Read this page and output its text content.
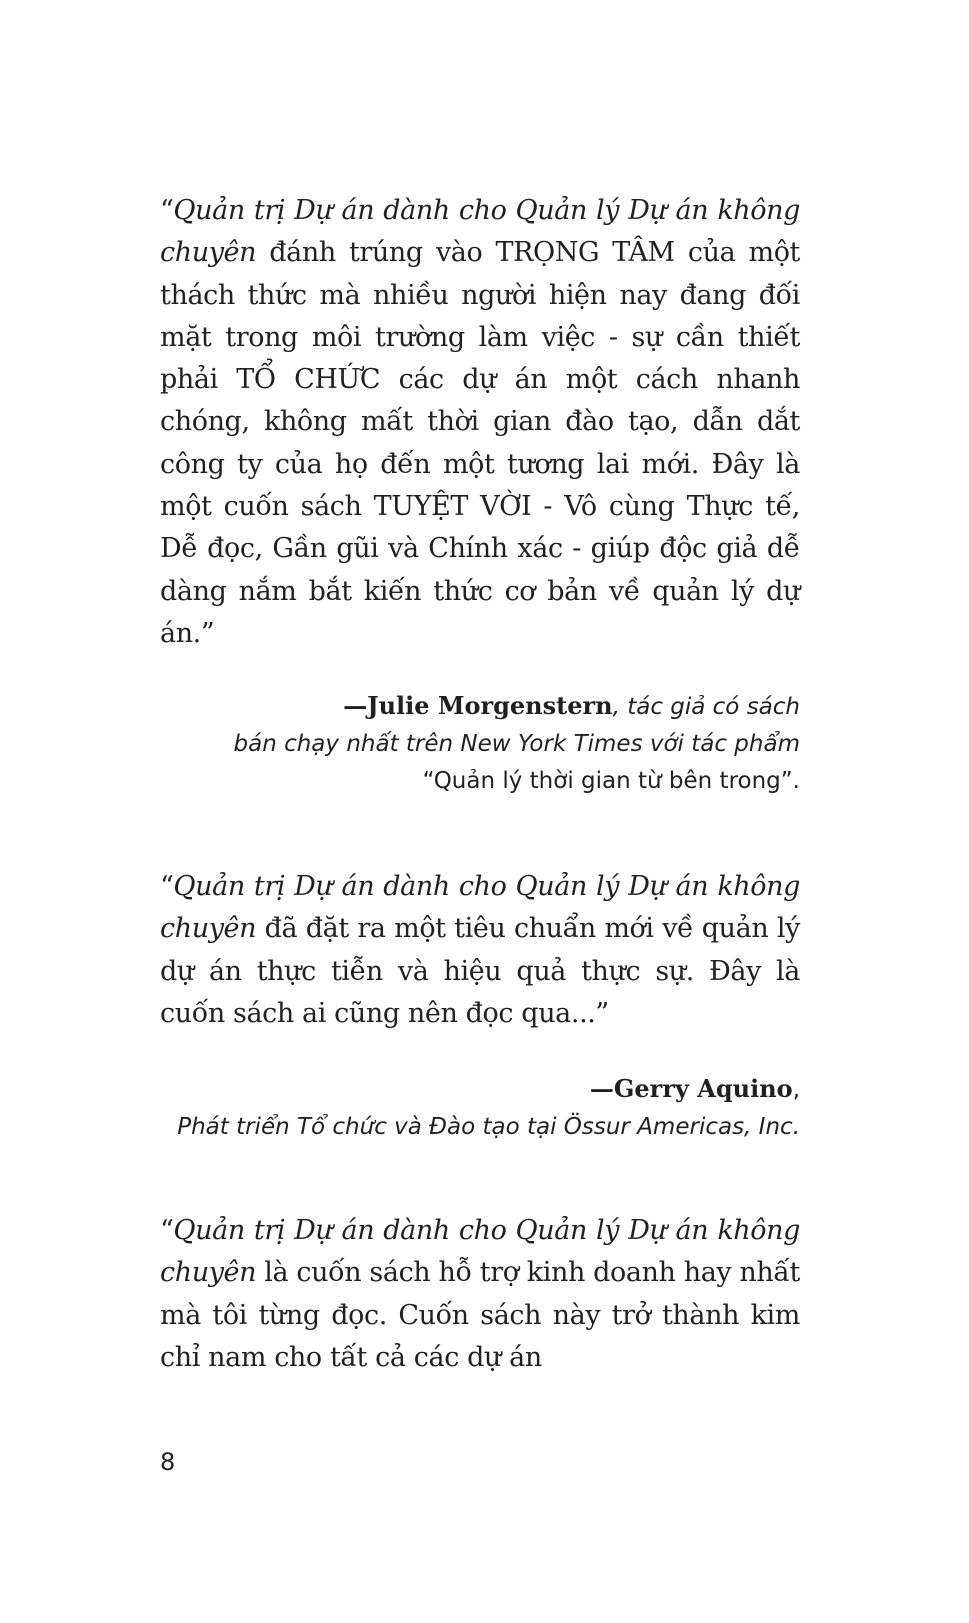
“Quản trị Dự án dành cho Quản lý Dự án không chuyên đánh trúng vào TRỌNG TÂM của một thách thức mà nhiều người hiện nay đang đối mặt trong môi trường làm việc - sự cần thiết phải TỔ CHỨC các dự án một cách nhanh chóng, không mất thời gian đào tạo, dẫn dắt công ty của họ đến một tương lai mới. Đây là một cuốn sách TUYỆT VỜI - Vô cùng Thực tế, Dễ đọc, Gần gũi và Chính xác - giúp độc giả dễ dàng nắm bắt kiến thức cơ bản về quản lý dự án.”

—Julie Morgenstern, tác giả có sách
bán chạy nhất trên New York Times với tác phẩm
“Quản lý thời gian từ bên trong”.

“Quản trị Dự án dành cho Quản lý Dự án không chuyên đã đặt ra một tiêu chuẩn mới về quản lý dự án thực tiễn và hiệu quả thực sự. Đây là cuốn sách ai cũng nên đọc qua...”

—Gerry Aquino,
Phát triển Tổ chức và Đào tạo tại Össur Americas, Inc.

“Quản trị Dự án dành cho Quản lý Dự án không chuyên là cuốn sách hỗ trợ kinh doanh hay nhất mà tôi từng đọc. Cuốn sách này trở thành kim chỉ nam cho tất cả các dự án

8
